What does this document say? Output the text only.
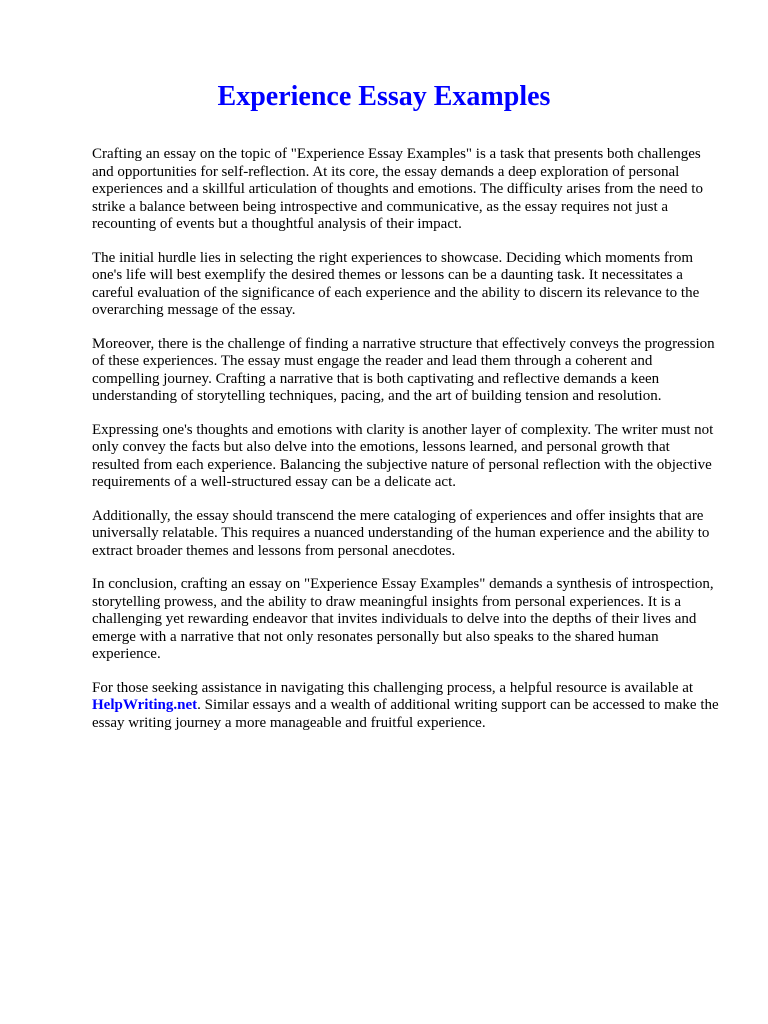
Experience Essay Examples

Crafting an essay on the topic of "Experience Essay Examples" is a task that presents both challenges and opportunities for self-reflection. At its core, the essay demands a deep exploration of personal experiences and a skillful articulation of thoughts and emotions. The difficulty arises from the need to strike a balance between being introspective and communicative, as the essay requires not just a recounting of events but a thoughtful analysis of their impact.

The initial hurdle lies in selecting the right experiences to showcase. Deciding which moments from one's life will best exemplify the desired themes or lessons can be a daunting task. It necessitates a careful evaluation of the significance of each experience and the ability to discern its relevance to the overarching message of the essay.

Moreover, there is the challenge of finding a narrative structure that effectively conveys the progression of these experiences. The essay must engage the reader and lead them through a coherent and compelling journey. Crafting a narrative that is both captivating and reflective demands a keen understanding of storytelling techniques, pacing, and the art of building tension and resolution.

Expressing one's thoughts and emotions with clarity is another layer of complexity. The writer must not only convey the facts but also delve into the emotions, lessons learned, and personal growth that resulted from each experience. Balancing the subjective nature of personal reflection with the objective requirements of a well-structured essay can be a delicate act.

Additionally, the essay should transcend the mere cataloging of experiences and offer insights that are universally relatable. This requires a nuanced understanding of the human experience and the ability to extract broader themes and lessons from personal anecdotes.

In conclusion, crafting an essay on "Experience Essay Examples" demands a synthesis of introspection, storytelling prowess, and the ability to draw meaningful insights from personal experiences. It is a challenging yet rewarding endeavor that invites individuals to delve into the depths of their lives and emerge with a narrative that not only resonates personally but also speaks to the shared human experience.

For those seeking assistance in navigating this challenging process, a helpful resource is available at HelpWriting.net. Similar essays and a wealth of additional writing support can be accessed to make the essay writing journey a more manageable and fruitful experience.
